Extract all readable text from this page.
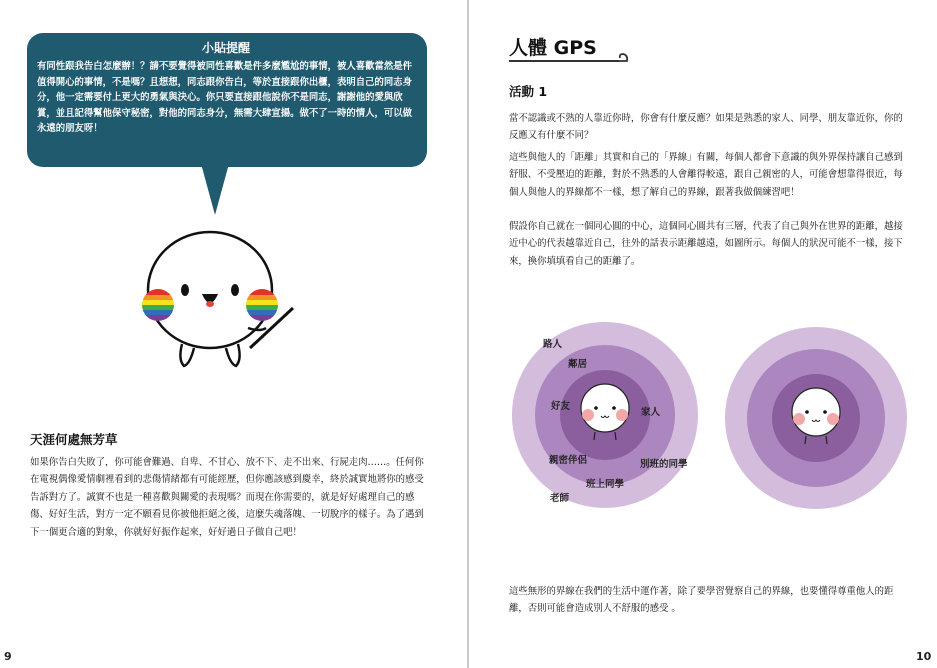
小貼提醒

有同性跟我告白怎麼辦！？請不要覺得被同性喜歡是件多麼尷尬的事情，被人喜歡當然是件值得開心的事情，不是嗎？且想想，同志跟你告白，等於直接跟你出櫃，表明自己的同志身分，他一定需要付上更大的勇氣與決心。你只要直接跟他說你不是同志，謝謝他的愛與欣賞，並且記得幫他保守秘密，對他的同志身分，無需大肆宣揚。做不了一時的情人，可以做永遠的朋友呀！

天涯何處無芳草

如果你告白失敗了，你可能會難過、自卑、不甘心、放不下、走不出來、行屍走肉……。任何你在電視偶像愛情劇裡看到的悲傷情緒都有可能經歷，但你應該感到慶幸，終於誠實地將你的感受告訴對方了。誠實不也是一種喜歡與關愛的表現嗎？而現在你需要的，就是好好處理自己的感傷、好好生活，對方一定不願看見你被他拒絕之後，這麼失魂落魄、一切脫序的樣子。為了遇到下一個更合適的對象，你就好好振作起來，好好過日子做自己吧！

9
人體 GPS
活動 1

當不認識或不熟的人靠近你時，你會有什麼反應？如果是熟悉的家人、同學、朋友靠近你，你的反應又有什麼不同？

這些與他人的「距離」其實和自己的「界線」有關，每個人都會下意識的與外界保持讓自己感到舒服、不受壓迫的距離，對於不熟悉的人會離得較遠，跟自己親密的人，可能會想靠得很近，每個人與他人的界線都不一樣，想了解自己的界線，跟著我做個練習吧！

假設你自己就在一個同心圓的中心，這個同心圓共有三層，代表了自己與外在世界的距離，越接近中心的代表越靠近自己，往外的話表示距離越遠，如圖所示。每個人的狀況可能不一樣，接下來，換你填填看自己的距離了。

路人
鄰居
好友
家人
親密伴侶	別班的同學
班上同學
老師

這些無形的界線在我們的生活中運作著，除了要學習覺察自己的界線，也要懂得尊重他人的距離，否則可能會造成別人不舒服的感受 。

10
